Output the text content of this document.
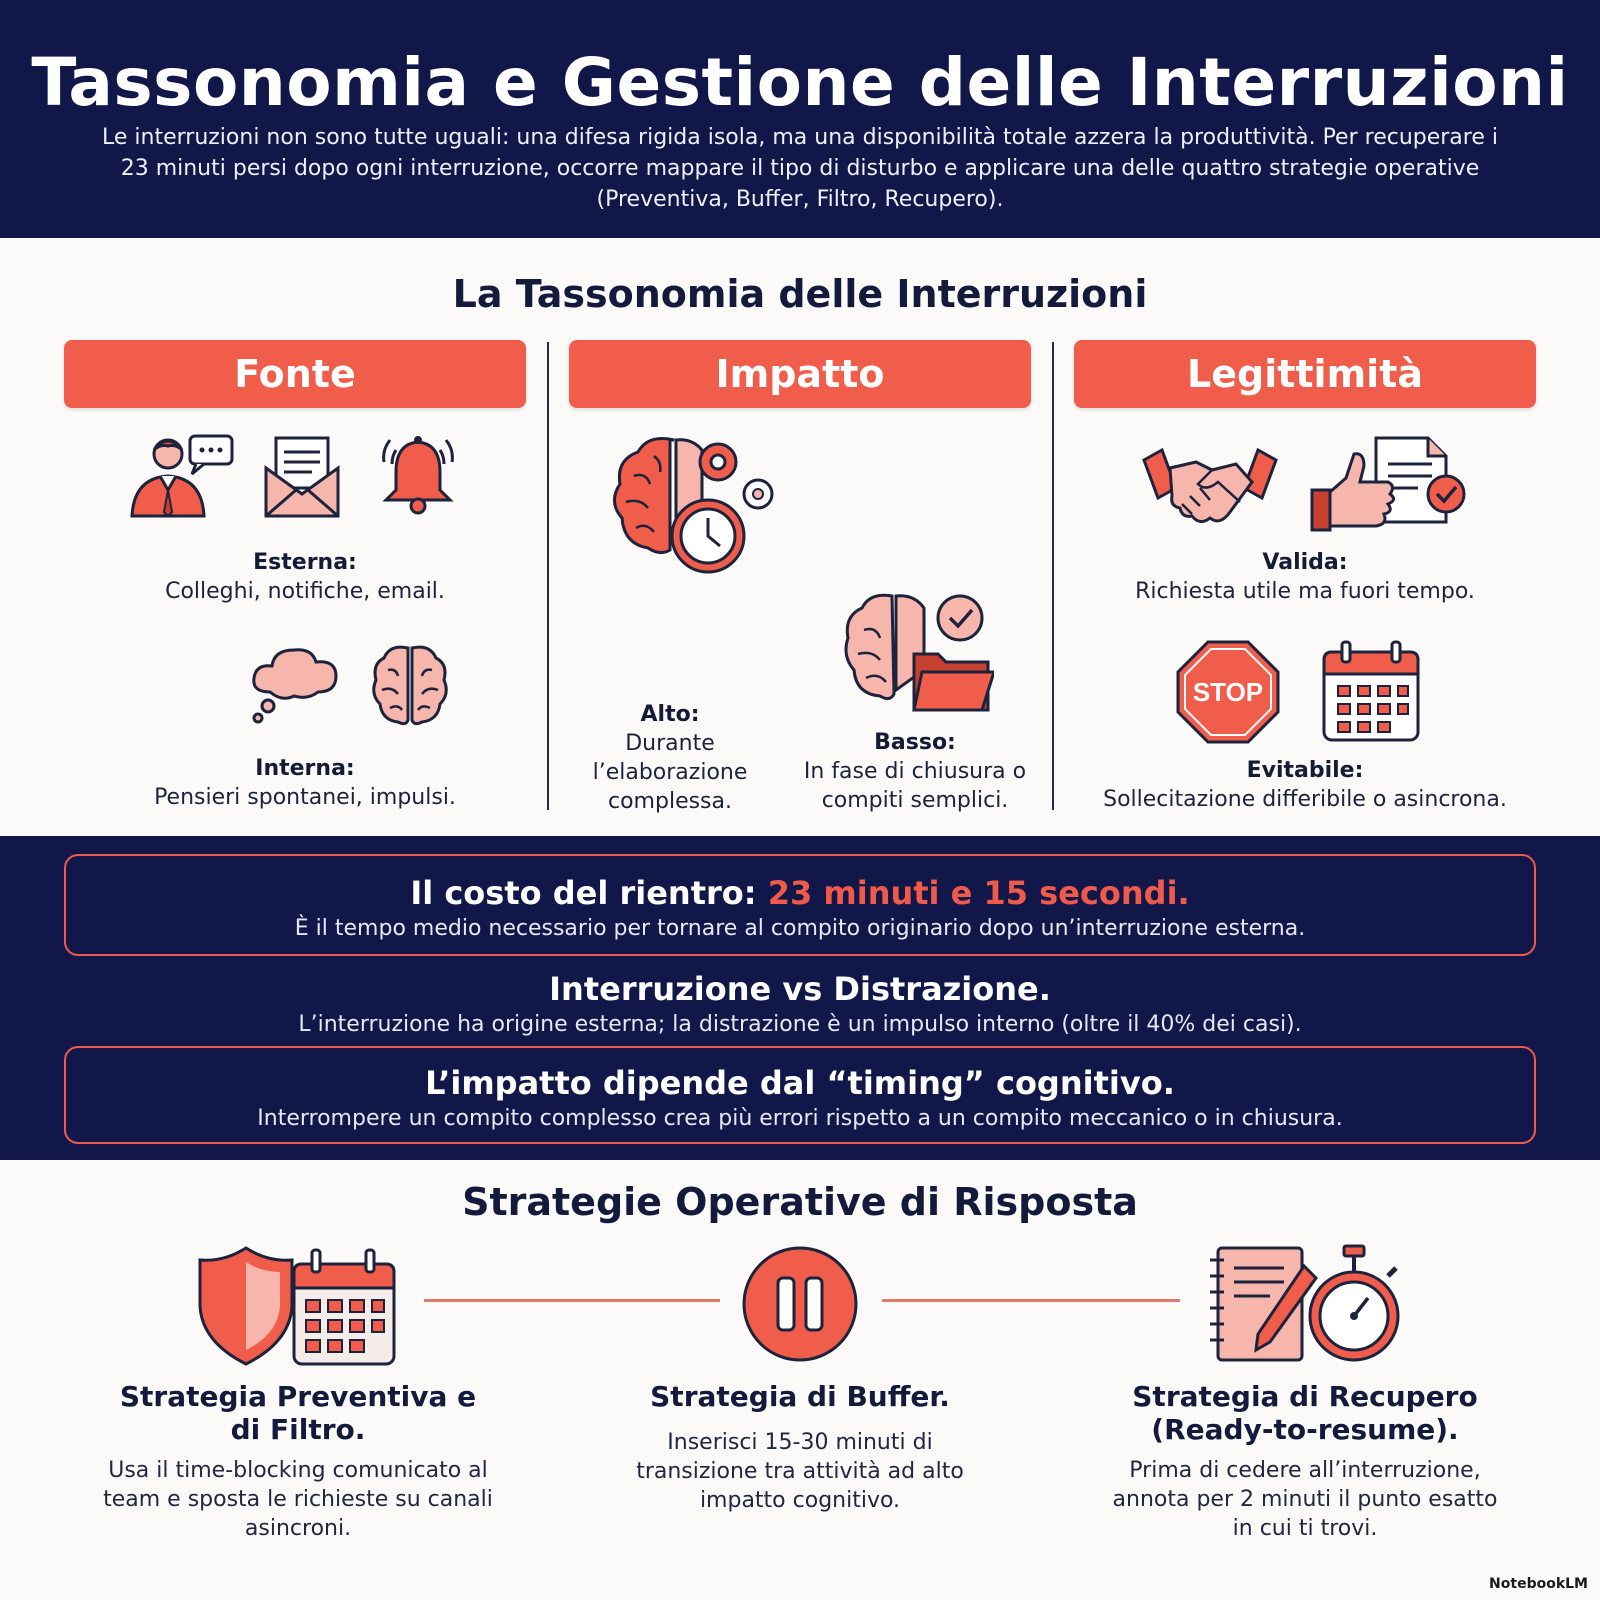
Tassonomia e Gestione delle Interruzioni
Le interruzioni non sono tutte uguali: una difesa rigida isola, ma una disponibilità totale azzera la produttività. Per recuperare i 23 minuti persi dopo ogni interruzione, occorre mappare il tipo di disturbo e applicare una delle quattro strategie operative (Preventiva, Buffer, Filtro, Recupero).
La Tassonomia delle Interruzioni
Fonte	Impatto	Legittimità
Esterna:
Colleghi, notifiche, email.
Interna:
Pensieri spontanei, impulsi.
Alto:
Durante l’elaborazione complessa.
Basso:
In fase di chiusura o compiti semplici.
Valida:
Richiesta utile ma fuori tempo.
STOP
Evitabile:
Sollecitazione differibile o asincrona.
Il costo del rientro: 23 minuti e 15 secondi.
È il tempo medio necessario per tornare al compito originario dopo un’interruzione esterna.
Interruzione vs Distrazione.
L’interruzione ha origine esterna; la distrazione è un impulso interno (oltre il 40% dei casi).
L’impatto dipende dal “timing” cognitivo.
Interrompere un compito complesso crea più errori rispetto a un compito meccanico o in chiusura.
Strategie Operative di Risposta
Strategia Preventiva e di Filtro.
Usa il time-blocking comunicato al team e sposta le richieste su canali asincroni.
Strategia di Buffer.
Inserisci 15-30 minuti di transizione tra attività ad alto impatto cognitivo.
Strategia di Recupero (Ready-to-resume).
Prima di cedere all’interruzione, annota per 2 minuti il punto esatto in cui ti trovi.
NotebookLM
